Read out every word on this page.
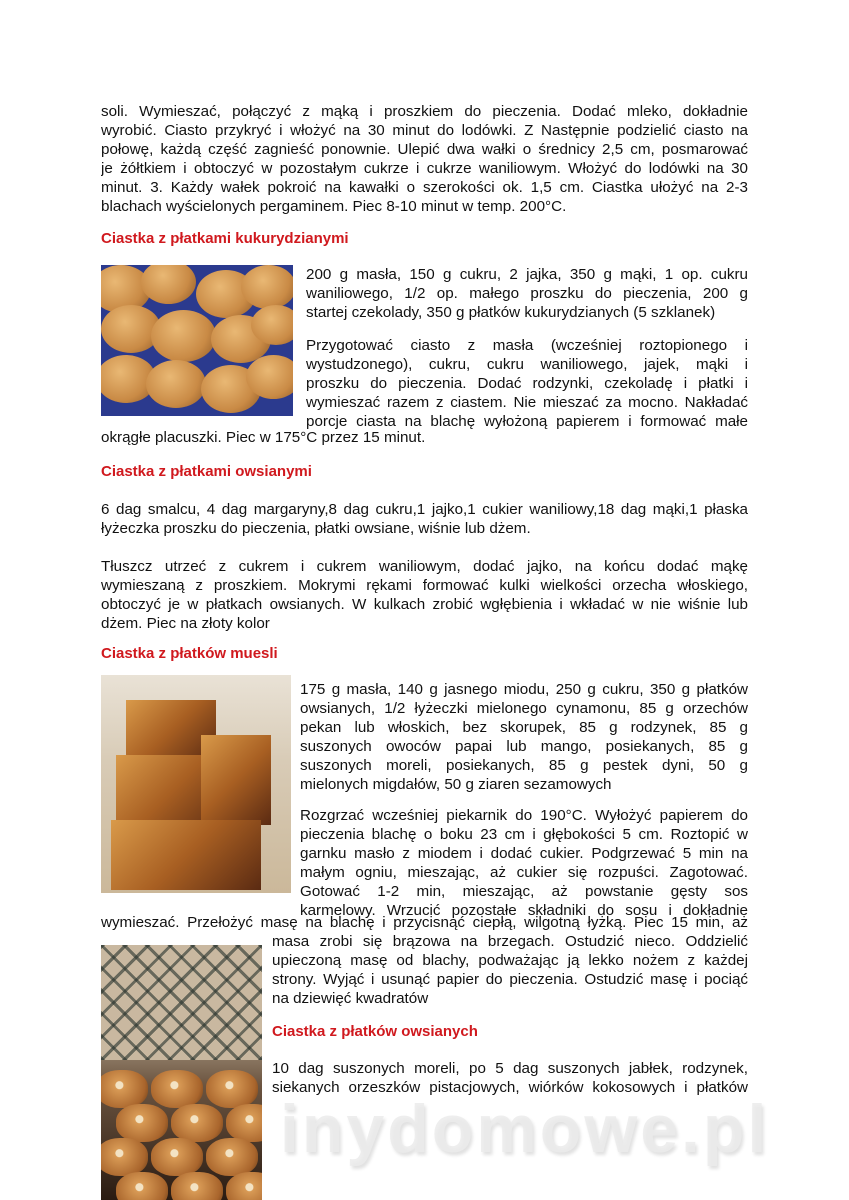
soli. Wymieszać, połączyć z mąką i proszkiem do pieczenia. Dodać mleko, dokładnie
wyrobić. Ciasto przykryć i włożyć na 30 minut do lodówki. Z Następnie podzielić ciasto na
połowę, każdą część zagnieść ponownie. Ulepić dwa wałki o średnicy 2,5 cm, posmarować
je żółtkiem i obtoczyć w pozostałym cukrze i cukrze waniliowym. Włożyć do lodówki na 30
minut. 3. Każdy wałek pokroić na kawałki o szerokości ok. 1,5 cm. Ciastka ułożyć na 2-3
blachach wyścielonych pergaminem. Piec 8-10 minut w temp. 200°C.
Ciastka z płatkami kukurydzianymi
200 g masła, 150 g cukru, 2 jajka, 350 g mąki, 1 op. cukru
waniliowego, 1/2 op. małego proszku do pieczenia, 200 g
startej czekolady, 350 g płatków kukurydzianych (5 szklanek)
Przygotować ciasto z masła (wcześniej roztopionego i
wystudzonego), cukru, cukru waniliowego, jajek, mąki i
proszku do pieczenia. Dodać rodzynki, czekoladę i płatki i
wymieszać razem z ciastem. Nie mieszać za mocno. Nakładać
porcje ciasta na blachę wyłożoną papierem i formować małe
okrągłe placuszki. Piec w 175°C przez 15 minut.
Ciastka z płatkami owsianymi
6 dag smalcu, 4 dag margaryny,8 dag cukru,1 jajko,1 cukier waniliowy,18 dag mąki,1 płaska
łyżeczka proszku do pieczenia, płatki owsiane, wiśnie lub dżem.
Tłuszcz utrzeć z cukrem i cukrem waniliowym, dodać jajko, na końcu dodać mąkę
wymieszaną z proszkiem. Mokrymi rękami formować kulki wielkości orzecha włoskiego,
obtoczyć je w płatkach owsianych. W kulkach zrobić wgłębienia i wkładać w nie wiśnie lub
dżem. Piec na złoty kolor
Ciastka z płatków muesli
175 g masła, 140 g jasnego miodu, 250 g cukru, 350 g płatków
owsianych, 1/2 łyżeczki mielonego cynamonu, 85 g orzechów
pekan lub włoskich, bez skorupek, 85 g rodzynek, 85 g
suszonych owoców papai lub mango, posiekanych, 85 g
suszonych moreli, posiekanych, 85 g pestek dyni, 50 g
mielonych migdałów, 50 g ziaren sezamowych
Rozgrzać wcześniej piekarnik do 190°C. Wyłożyć papierem do
pieczenia blachę o boku 23 cm i głębokości 5 cm. Roztopić w
garnku masło z miodem i dodać cukier. Podgrzewać 5 min na
małym ogniu, mieszając, aż cukier się rozpuści. Zagotować.
Gotować 1-2 min, mieszając, aż powstanie gęsty sos
karmelowy. Wrzucić pozostałe składniki do sosu i dokładnie
wymieszać. Przełożyć masę na blachę i przycisnąć ciepłą, wilgotną łyżką. Piec 15 min, aż
masa zrobi się brązowa na brzegach. Ostudzić nieco. Oddzielić
upieczoną masę od blachy, podważając ją lekko nożem z każdej
strony. Wyjąć i usunąć papier do pieczenia. Ostudzić masę i pociąć
na dziewięć kwadratów
Ciastka z płatków owsianych
10 dag suszonych moreli, po 5 dag suszonych jabłek, rodzynek,
siekanych orzeszków pistacjowych, wiórków kokosowych i płatków
inydomowe.pl
